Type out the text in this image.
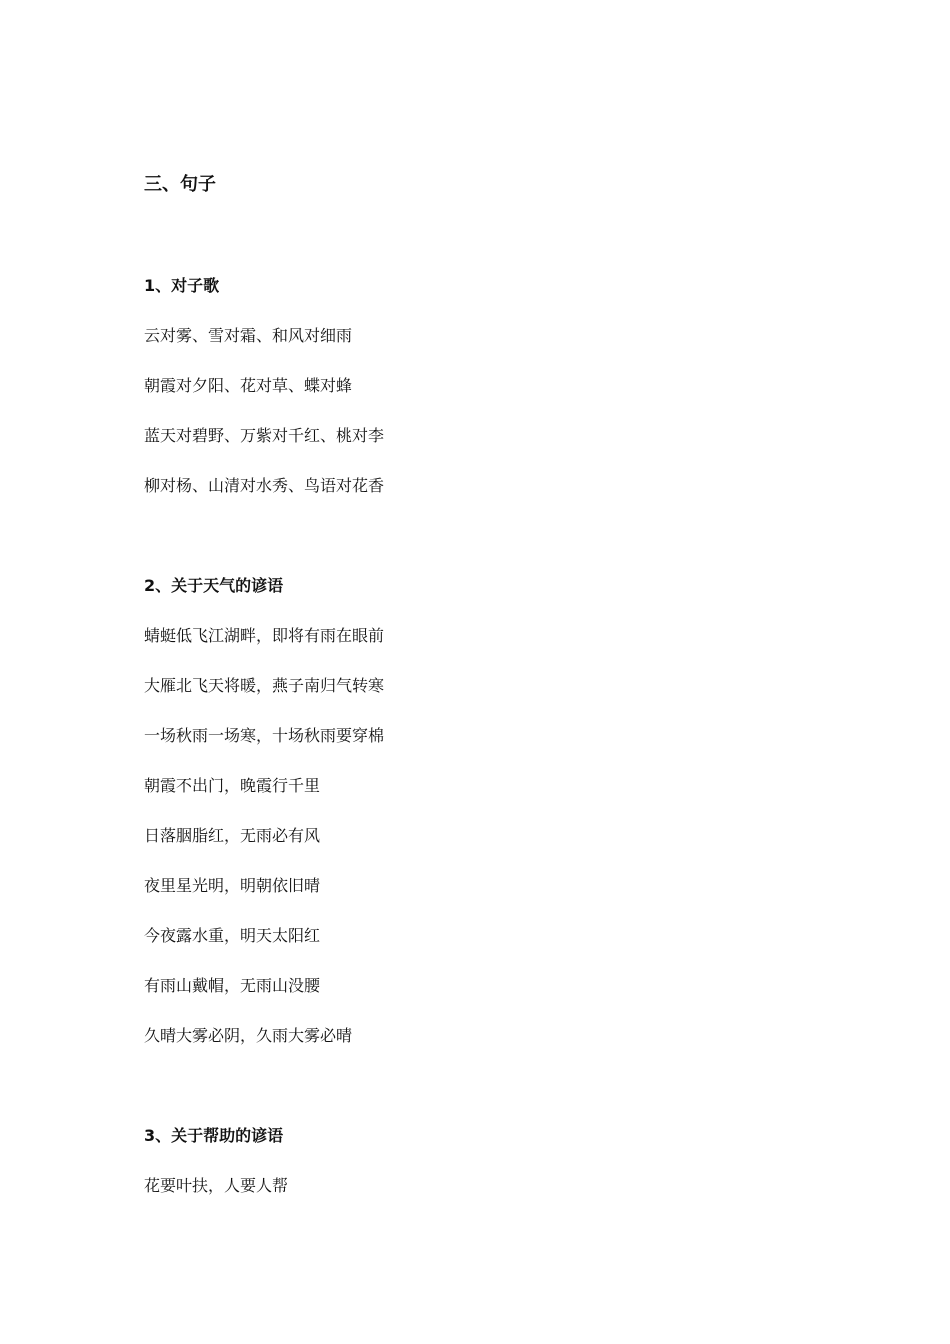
三、句子
1、对子歌

云对雾、雪对霜、和风对细雨

朝霞对夕阳、花对草、蝶对蜂

蓝天对碧野、万紫对千红、桃对李

柳对杨、山清对水秀、鸟语对花香

2、关于天气的谚语

蜻蜓低飞江湖畔，即将有雨在眼前

大雁北飞天将暖，燕子南归气转寒

一场秋雨一场寒，十场秋雨要穿棉

朝霞不出门，晚霞行千里

日落胭脂红，无雨必有风

夜里星光明，明朝依旧晴

今夜露水重，明天太阳红

有雨山戴帽，无雨山没腰

久晴大雾必阴，久雨大雾必晴

3、关于帮助的谚语

花要叶扶，人要人帮
